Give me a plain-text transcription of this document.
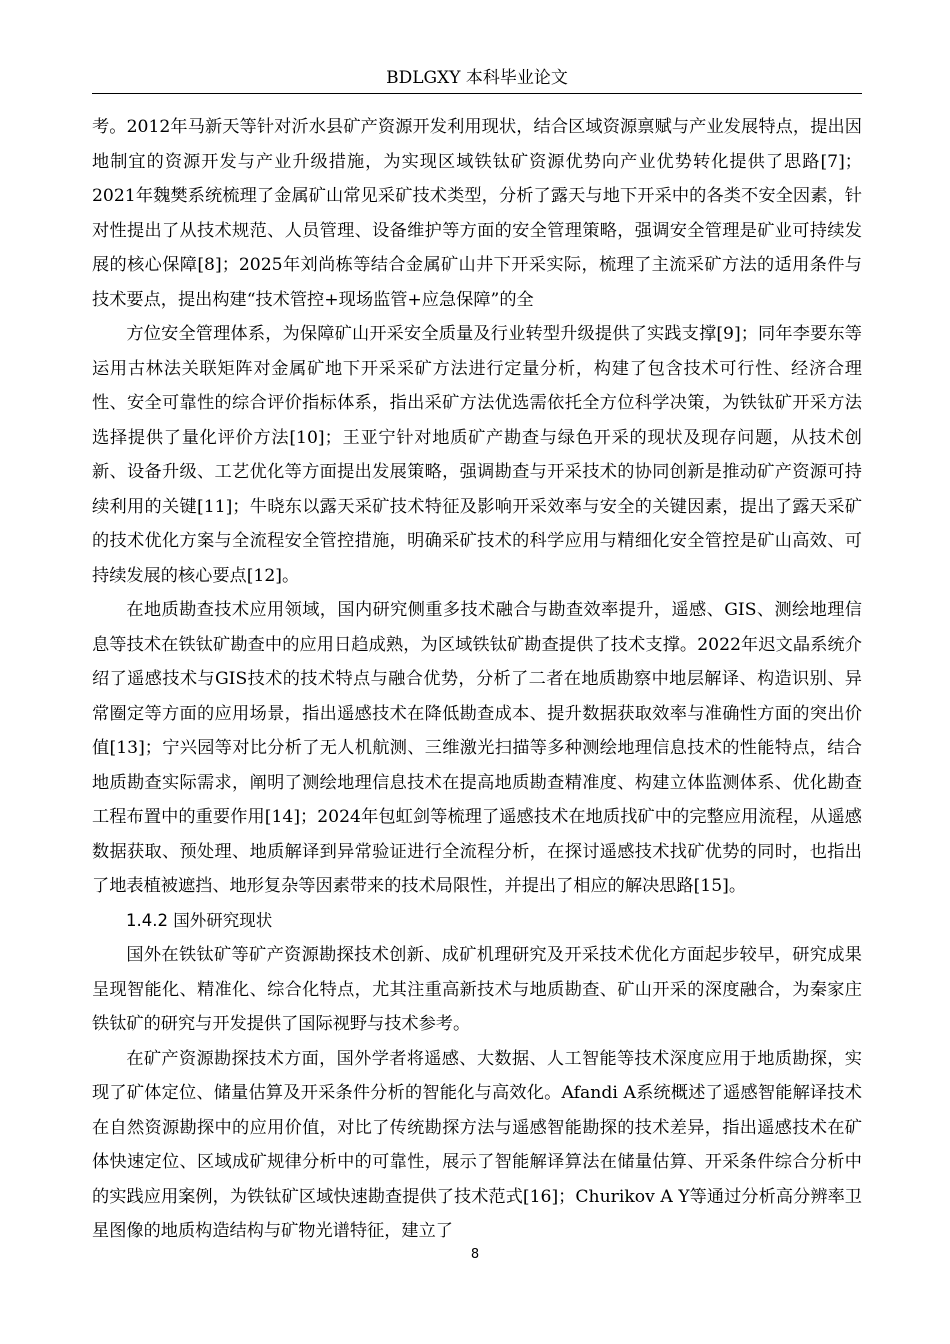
BDLGXY 本科毕业论文

考。2012年马新天等针对沂水县矿产资源开发利用现状，结合区域资源禀赋与产业发展特点，提出因地制宜的资源开发与产业升级措施，为实现区域铁钛矿资源优势向产业优势转化提供了思路[7]；2021年魏樊系统梳理了金属矿山常见采矿技术类型，分析了露天与地下开采中的各类不安全因素，针对性提出了从技术规范、人员管理、设备维护等方面的安全管理策略，强调安全管理是矿业可持续发展的核心保障[8]；2025年刘尚栋等结合金属矿山井下开采实际，梳理了主流采矿方法的适用条件与技术要点，提出构建“技术管控+现场监管+应急保障”的全

方位安全管理体系，为保障矿山开采安全质量及行业转型升级提供了实践支撑[9]；同年李要东等运用古林法关联矩阵对金属矿地下开采采矿方法进行定量分析，构建了包含技术可行性、经济合理性、安全可靠性的综合评价指标体系，指出采矿方法优选需依托全方位科学决策，为铁钛矿开采方法选择提供了量化评价方法[10]；王亚宁针对地质矿产勘查与绿色开采的现状及现存问题，从技术创新、设备升级、工艺优化等方面提出发展策略，强调勘查与开采技术的协同创新是推动矿产资源可持续利用的关键[11]；牛晓东以露天采矿技术特征及影响开采效率与安全的关键因素，提出了露天采矿的技术优化方案与全流程安全管控措施，明确采矿技术的科学应用与精细化安全管控是矿山高效、可持续发展的核心要点[12]。

在地质勘查技术应用领域，国内研究侧重多技术融合与勘查效率提升，遥感、GIS、测绘地理信息等技术在铁钛矿勘查中的应用日趋成熟，为区域铁钛矿勘查提供了技术支撑。2022年迟文晶系统介绍了遥感技术与GIS技术的技术特点与融合优势，分析了二者在地质勘察中地层解译、构造识别、异常圈定等方面的应用场景，指出遥感技术在降低勘查成本、提升数据获取效率与准确性方面的突出价值[13]；宁兴园等对比分析了无人机航测、三维激光扫描等多种测绘地理信息技术的性能特点，结合地质勘查实际需求，阐明了测绘地理信息技术在提高地质勘查精准度、构建立体监测体系、优化勘查工程布置中的重要作用[14]；2024年包虹剑等梳理了遥感技术在地质找矿中的完整应用流程，从遥感数据获取、预处理、地质解译到异常验证进行全流程分析，在探讨遥感技术找矿优势的同时，也指出了地表植被遮挡、地形复杂等因素带来的技术局限性，并提出了相应的解决思路[15]。

1.4.2 国外研究现状

国外在铁钛矿等矿产资源勘探技术创新、成矿机理研究及开采技术优化方面起步较早，研究成果呈现智能化、精准化、综合化特点，尤其注重高新技术与地质勘查、矿山开采的深度融合，为秦家庄铁钛矿的研究与开发提供了国际视野与技术参考。

在矿产资源勘探技术方面，国外学者将遥感、大数据、人工智能等技术深度应用于地质勘探，实现了矿体定位、储量估算及开采条件分析的智能化与高效化。Afandi A系统概述了遥感智能解译技术在自然资源勘探中的应用价值，对比了传统勘探方法与遥感智能勘探的技术差异，指出遥感技术在矿体快速定位、区域成矿规律分析中的可靠性，展示了智能解译算法在储量估算、开采条件综合分析中的实践应用案例，为铁钛矿区域快速勘查提供了技术范式[16]；Churikov A Y等通过分析高分辨率卫星图像的地质构造结构与矿物光谱特征，建立了

8
